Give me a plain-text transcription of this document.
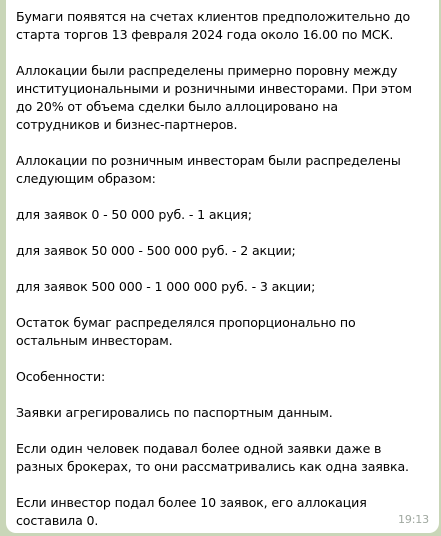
Бумаги появятся на счетах клиентов предположительно до старта торгов 13 февраля 2024 года около 16.00 по МСК.

Аллокации были распределены примерно поровну между институциональными и розничными инвесторами. При этом до 20% от объема сделки было аллоцировано на сотрудников и бизнес-партнеров.

Аллокации по розничным инвесторам были распределены следующим образом:

для заявок 0 - 50 000 руб. - 1 акция;

для заявок 50 000 - 500 000 руб. - 2 акции;

для заявок 500 000 - 1 000 000 руб. - 3 акции;

Остаток бумаг распределялся пропорционально по остальным инвесторам.

Особенности:

Заявки агрегировались по паспортным данным.

Если один человек подавал более одной заявки даже в разных брокерах, то они рассматривались как одна заявка.

Если инвестор подал более 10 заявок, его аллокация составила 0.	19:13
